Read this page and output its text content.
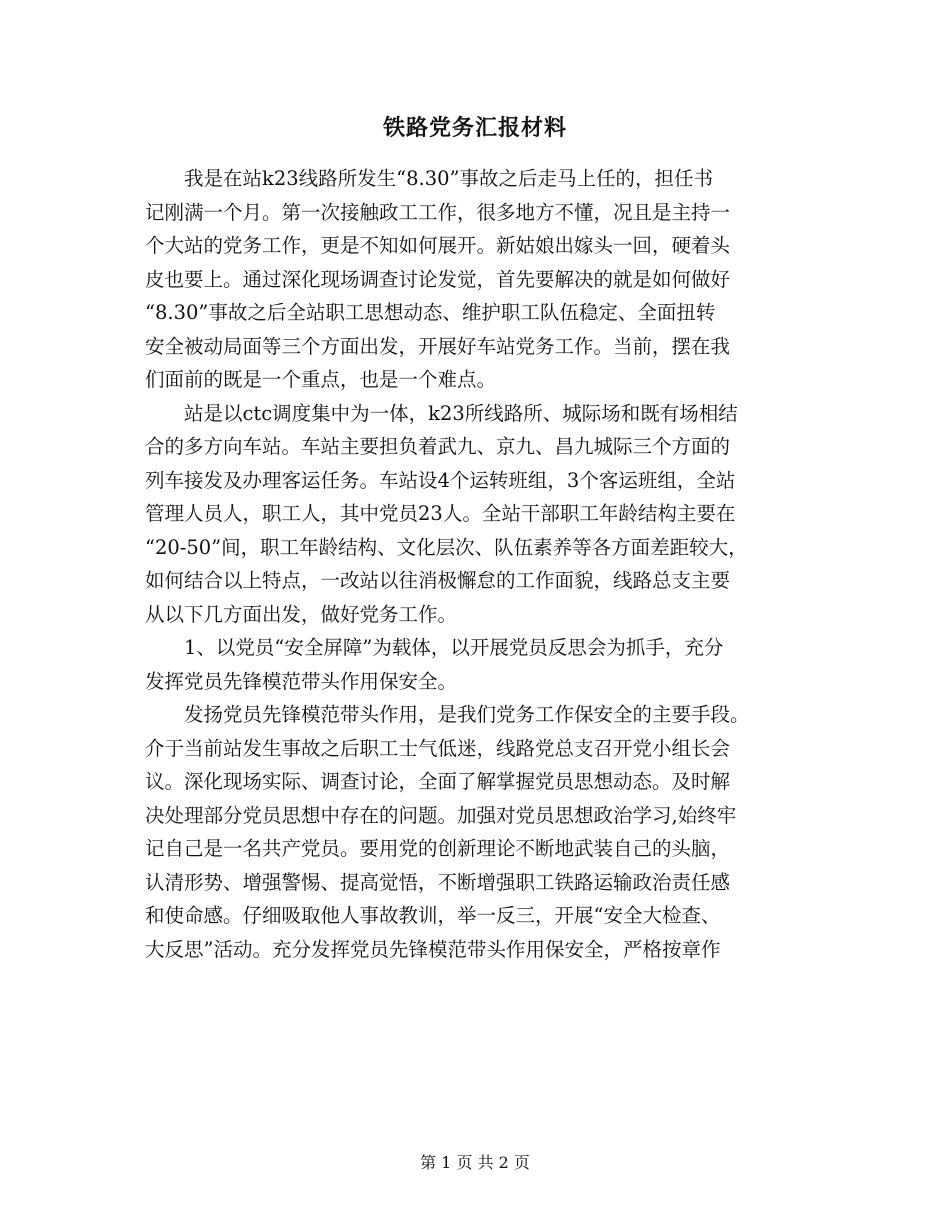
铁路党务汇报材料
　　我是在站k23线路所发生“8.30”事故之后走马上任的，担任书
记刚满一个月。第一次接触政工工作，很多地方不懂，况且是主持一
个大站的党务工作，更是不知如何展开。新姑娘出嫁头一回，硬着头
皮也要上。通过深化现场调查讨论发觉，首先要解决的就是如何做好
“8.30”事故之后全站职工思想动态、维护职工队伍稳定、全面扭转
安全被动局面等三个方面出发，开展好车站党务工作。当前，摆在我
们面前的既是一个重点，也是一个难点。
　　站是以ctc调度集中为一体，k23所线路所、城际场和既有场相结
合的多方向车站。车站主要担负着武九、京九、昌九城际三个方面的
列车接发及办理客运任务。车站设4个运转班组，3个客运班组，全站
管理人员人，职工人，其中党员23人。全站干部职工年龄结构主要在
“20-50”间，职工年龄结构、文化层次、队伍素养等各方面差距较大，
如何结合以上特点，一改站以往消极懈怠的工作面貌，线路总支主要
从以下几方面出发，做好党务工作。
　　1、以党员“安全屏障”为载体，以开展党员反思会为抓手，充分
发挥党员先锋模范带头作用保安全。
　　发扬党员先锋模范带头作用，是我们党务工作保安全的主要手段。
介于当前站发生事故之后职工士气低迷，线路党总支召开党小组长会
议。深化现场实际、调查讨论，全面了解掌握党员思想动态。及时解
决处理部分党员思想中存在的问题。加强对党员思想政治学习,始终牢
记自己是一名共产党员。要用党的创新理论不断地武装自己的头脑，
认清形势、增强警惕、提高觉悟，不断增强职工铁路运输政治责任感
和使命感。仔细吸取他人事故教训，举一反三，开展“安全大检查、
大反思”活动。充分发挥党员先锋模范带头作用保安全，严格按章作
第 1 页 共 2 页
